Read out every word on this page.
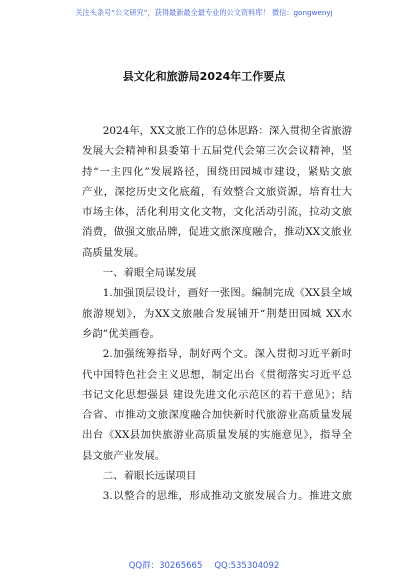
关注头条号“公文研究”，获得最新最全最专业的公文资料库！ 微信：gongwenyj
县文化和旅游局2024年工作要点
2024年，XX文旅工作的总体思路：深入贯彻全省旅游
发展大会精神和县委第十五届党代会第三次会议精神，坚
持“一主四化”发展路径，围绕田园城市建设，紧贴文旅
产业，深挖历史文化底蕴，有效整合文旅资源，培育壮大
市场主体，活化利用文化文物，文化活动引流，拉动文旅
消费，做强文旅品牌，促进文旅深度融合，推动XX文旅业
高质量发展。
一、着眼全局谋发展
1.加强顶层设计，画好一张图。编制完成《XX县全域
旅游规划》，为XX文旅融合发展铺开“荆楚田园城 XX水
乡韵”优美画卷。
2.加强统筹指导，制好两个文。深入贯彻习近平新时
代中国特色社会主义思想，制定出台《贯彻落实习近平总
书记文化思想强县 建设先进文化示范区的若干意见》；结
合省、市推动文旅深度融合加快新时代旅游业高质量发展
出台《XX县加快旅游业高质量发展的实施意见》，指导全
县文旅产业发展。
二、着眼长远谋项目
3.以整合的思维，形成推动文旅发展合力。推进文旅
QQ群：30265665 QQ:535304092
